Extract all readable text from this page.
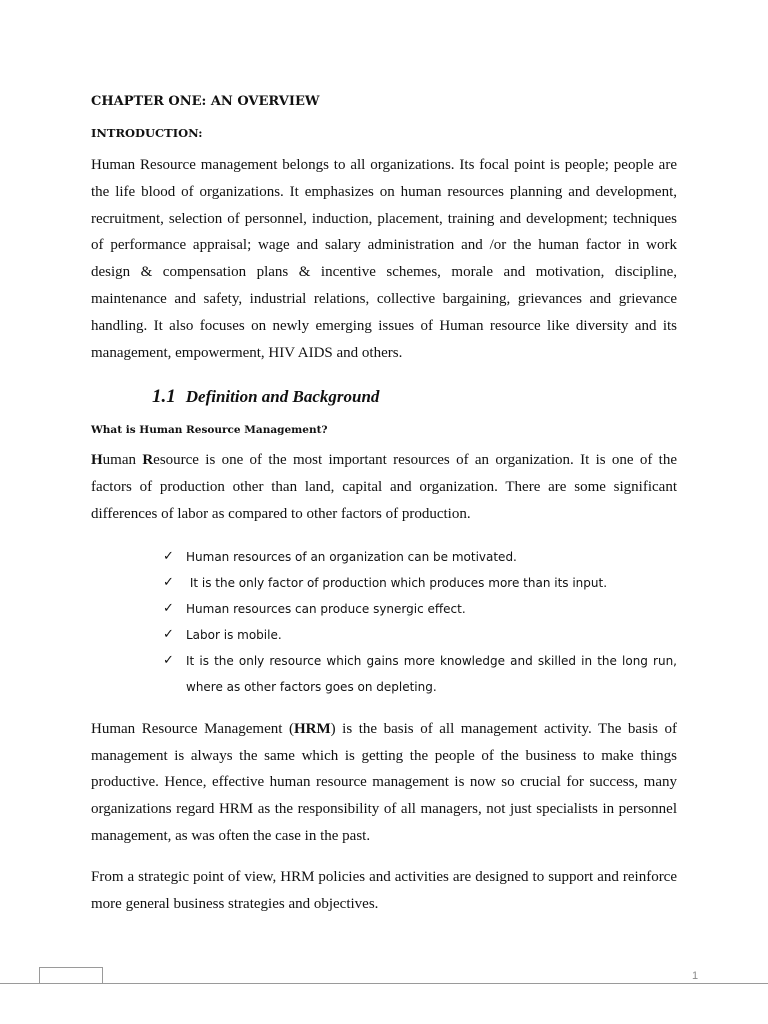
CHAPTER ONE: AN OVERVIEW
INTRODUCTION:

Human Resource management belongs to all organizations. Its focal point is people; people are the life blood of organizations. It emphasizes on human resources planning and development, recruitment, selection of personnel, induction, placement, training and development; techniques of performance appraisal; wage and salary administration and /or the human factor in work design & compensation plans & incentive schemes, morale and motivation, discipline, maintenance and safety, industrial relations, collective bargaining, grievances and grievance handling. It also focuses on newly emerging issues of Human resource like diversity and its management, empowerment, HIV AIDS and others.

1.1 Definition and Background
What is Human Resource Management?

Human Resource is one of the most important resources of an organization. It is one of the factors of production other than land, capital and organization. There are some significant differences of labor as compared to other factors of production.

✓ Human resources of an organization can be motivated.
✓ It is the only factor of production which produces more than its input.
✓ Human resources can produce synergic effect.
✓ Labor is mobile.
✓ It is the only resource which gains more knowledge and skilled in the long run, where as other factors goes on depleting.

Human Resource Management (HRM) is the basis of all management activity. The basis of management is always the same which is getting the people of the business to make things productive. Hence, effective human resource management is now so crucial for success, many organizations regard HRM as the responsibility of all managers, not just specialists in personnel management, as was often the case in the past.

From a strategic point of view, HRM policies and activities are designed to support and reinforce more general business strategies and objectives.

1
